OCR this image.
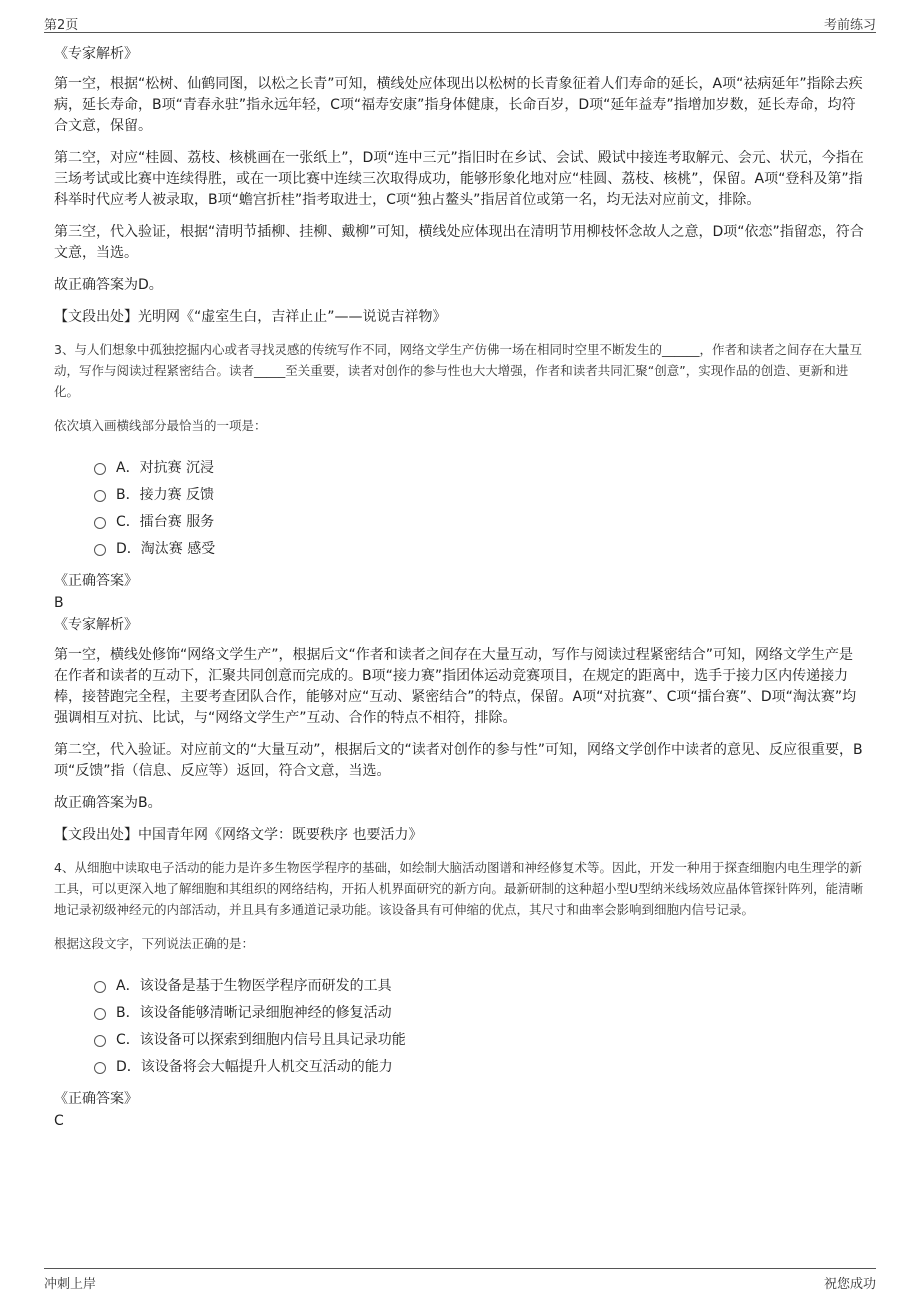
第2页	考前练习

《专家解析》

第一空，根据“松树、仙鹤同图，以松之长青”可知，横线处应体现出以松树的长青象征着人们寿命的延长，A项“祛病延年”指除去疾病，延长寿命，B项“青春永驻”指永远年轻，C项“福寿安康”指身体健康，长命百岁，D项“延年益寿”指增加岁数，延长寿命，均符合文意，保留。

第二空，对应“桂圆、荔枝、核桃画在一张纸上”，D项“连中三元”指旧时在乡试、会试、殿试中接连考取解元、会元、状元，今指在三场考试或比赛中连续得胜，或在一项比赛中连续三次取得成功，能够形象化地对应“桂圆、荔枝、核桃”，保留。A项“登科及第”指科举时代应考人被录取，B项“蟾宫折桂”指考取进士，C项“独占鳌头”指居首位或第一名，均无法对应前文，排除。

第三空，代入验证，根据“清明节插柳、挂柳、戴柳”可知，横线处应体现出在清明节用柳枝怀念故人之意，D项“依恋”指留恋，符合文意，当选。

故正确答案为D。

【文段出处】光明网《“虚室生白，吉祥止止”——说说吉祥物》

3、与人们想象中孤独挖掘内心或者寻找灵感的传统写作不同，网络文学生产仿佛一场在相同时空里不断发生的______，作者和读者之间存在大量互动，写作与阅读过程紧密结合。读者_____至关重要，读者对创作的参与性也大大增强，作者和读者共同汇聚“创意”，实现作品的创造、更新和进化。

依次填入画横线部分最恰当的一项是：

A．对抗赛 沉浸
B．接力赛 反馈
C．擂台赛 服务
D．淘汰赛 感受

《正确答案》

B

《专家解析》

第一空，横线处修饰“网络文学生产”，根据后文“作者和读者之间存在大量互动，写作与阅读过程紧密结合”可知，网络文学生产是在作者和读者的互动下，汇聚共同创意而完成的。B项“接力赛”指团体运动竞赛项目，在规定的距离中，选手于接力区内传递接力棒，接替跑完全程，主要考查团队合作，能够对应“互动、紧密结合”的特点，保留。A项“对抗赛”、C项“擂台赛”、D项“淘汰赛”均强调相互对抗、比试，与“网络文学生产”互动、合作的特点不相符，排除。

第二空，代入验证。对应前文的“大量互动”，根据后文的“读者对创作的参与性”可知，网络文学创作中读者的意见、反应很重要，B项“反馈”指（信息、反应等）返回，符合文意，当选。

故正确答案为B。

【文段出处】中国青年网《网络文学：既要秩序 也要活力》

4、从细胞中读取电子活动的能力是许多生物医学程序的基础，如绘制大脑活动图谱和神经修复术等。因此，开发一种用于探查细胞内电生理学的新工具，可以更深入地了解细胞和其组织的网络结构，开拓人机界面研究的新方向。最新研制的这种超小型U型纳米线场效应晶体管探针阵列，能清晰地记录初级神经元的内部活动，并且具有多通道记录功能。该设备具有可伸缩的优点，其尺寸和曲率会影响到细胞内信号记录。

根据这段文字，下列说法正确的是：

A．该设备是基于生物医学程序而研发的工具
B．该设备能够清晰记录细胞神经的修复活动
C．该设备可以探索到细胞内信号且具记录功能
D．该设备将会大幅提升人机交互活动的能力

《正确答案》

C

冲刺上岸	祝您成功
